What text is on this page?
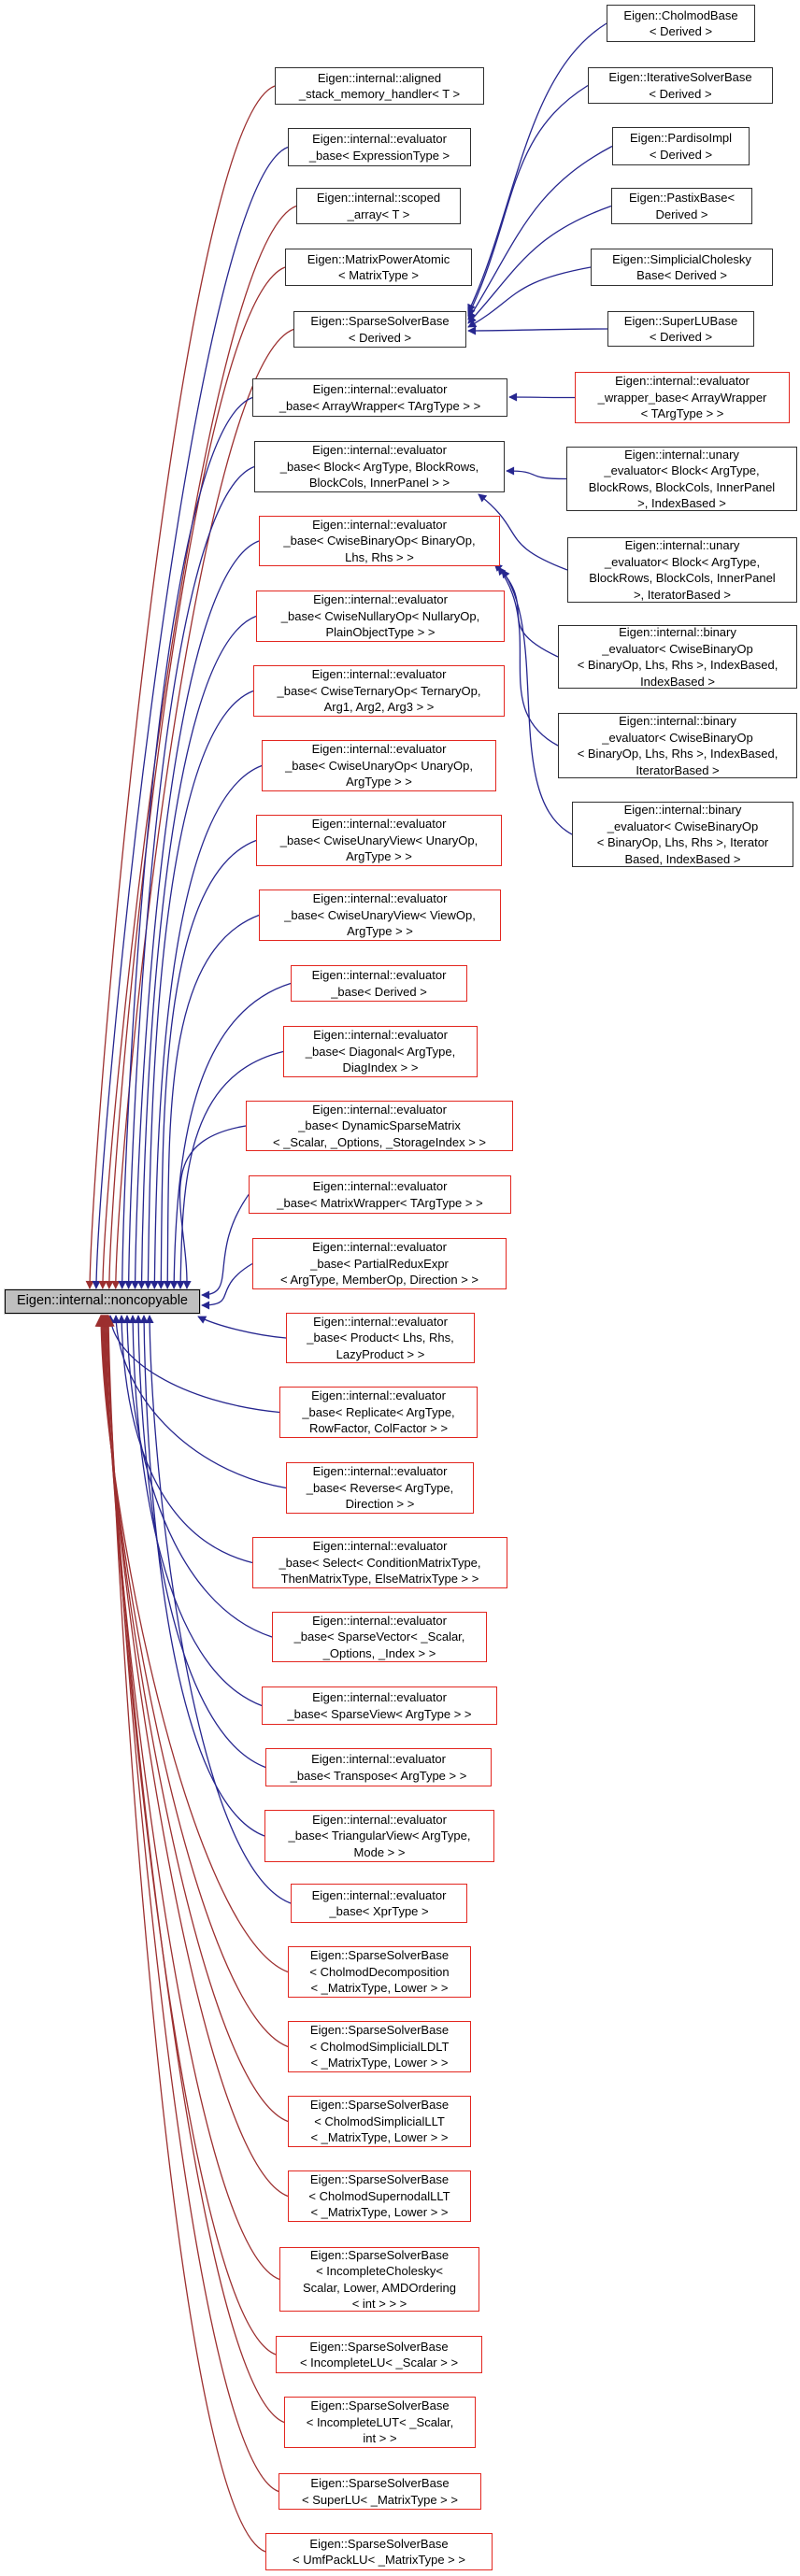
Eigen::internal::noncopyable
Eigen::internal::aligned
_stack_memory_handler< T >
Eigen::internal::evaluator
_base< ExpressionType >
Eigen::internal::scoped
_array< T >
Eigen::MatrixPowerAtomic
< MatrixType >
Eigen::SparseSolverBase
< Derived >
Eigen::internal::evaluator
_base< ArrayWrapper< TArgType > >
Eigen::internal::evaluator
_base< Block< ArgType, BlockRows,
BlockCols, InnerPanel > >
Eigen::internal::evaluator
_base< CwiseBinaryOp< BinaryOp,
Lhs, Rhs > >
Eigen::internal::evaluator
_base< CwiseNullaryOp< NullaryOp,
PlainObjectType > >
Eigen::internal::evaluator
_base< CwiseTernaryOp< TernaryOp,
Arg1, Arg2, Arg3 > >
Eigen::internal::evaluator
_base< CwiseUnaryOp< UnaryOp,
ArgType > >
Eigen::internal::evaluator
_base< CwiseUnaryView< UnaryOp,
ArgType > >
Eigen::internal::evaluator
_base< CwiseUnaryView< ViewOp,
ArgType > >
Eigen::internal::evaluator
_base< Derived >
Eigen::internal::evaluator
_base< Diagonal< ArgType,
DiagIndex > >
Eigen::internal::evaluator
_base< DynamicSparseMatrix
< _Scalar, _Options, _StorageIndex > >
Eigen::internal::evaluator
_base< MatrixWrapper< TArgType > >
Eigen::internal::evaluator
_base< PartialReduxExpr
< ArgType, MemberOp, Direction > >
Eigen::internal::evaluator
_base< Product< Lhs, Rhs,
LazyProduct > >
Eigen::internal::evaluator
_base< Replicate< ArgType,
RowFactor, ColFactor > >
Eigen::internal::evaluator
_base< Reverse< ArgType,
Direction > >
Eigen::internal::evaluator
_base< Select< ConditionMatrixType,
ThenMatrixType, ElseMatrixType > >
Eigen::internal::evaluator
_base< SparseVector< _Scalar,
_Options, _Index > >
Eigen::internal::evaluator
_base< SparseView< ArgType > >
Eigen::internal::evaluator
_base< Transpose< ArgType > >
Eigen::internal::evaluator
_base< TriangularView< ArgType,
Mode > >
Eigen::internal::evaluator
_base< XprType >
Eigen::SparseSolverBase
< CholmodDecomposition
< _MatrixType, Lower > >
Eigen::SparseSolverBase
< CholmodSimplicialLDLT
< _MatrixType, Lower > >
Eigen::SparseSolverBase
< CholmodSimplicialLLT
< _MatrixType, Lower > >
Eigen::SparseSolverBase
< CholmodSupernodalLLT
< _MatrixType, Lower > >
Eigen::SparseSolverBase
< IncompleteCholesky<
Scalar, Lower, AMDOrdering
< int > > >
Eigen::SparseSolverBase
< IncompleteLU< _Scalar > >
Eigen::SparseSolverBase
< IncompleteLUT< _Scalar,
int > >
Eigen::SparseSolverBase
< SuperLU< _MatrixType > >
Eigen::SparseSolverBase
< UmfPackLU< _MatrixType > >
Eigen::CholmodBase
< Derived >
Eigen::IterativeSolverBase
< Derived >
Eigen::PardisoImpl
< Derived >
Eigen::PastixBase<
Derived >
Eigen::SimplicialCholesky
Base< Derived >
Eigen::SuperLUBase
< Derived >
Eigen::internal::evaluator
_wrapper_base< ArrayWrapper
< TArgType > >
Eigen::internal::unary
_evaluator< Block< ArgType,
BlockRows, BlockCols, InnerPanel
>, IndexBased >
Eigen::internal::unary
_evaluator< Block< ArgType,
BlockRows, BlockCols, InnerPanel
>, IteratorBased >
Eigen::internal::binary
_evaluator< CwiseBinaryOp
< BinaryOp, Lhs, Rhs >, IndexBased,
IndexBased >
Eigen::internal::binary
_evaluator< CwiseBinaryOp
< BinaryOp, Lhs, Rhs >, IndexBased,
IteratorBased >
Eigen::internal::binary
_evaluator< CwiseBinaryOp
< BinaryOp, Lhs, Rhs >, Iterator
Based, IndexBased >
